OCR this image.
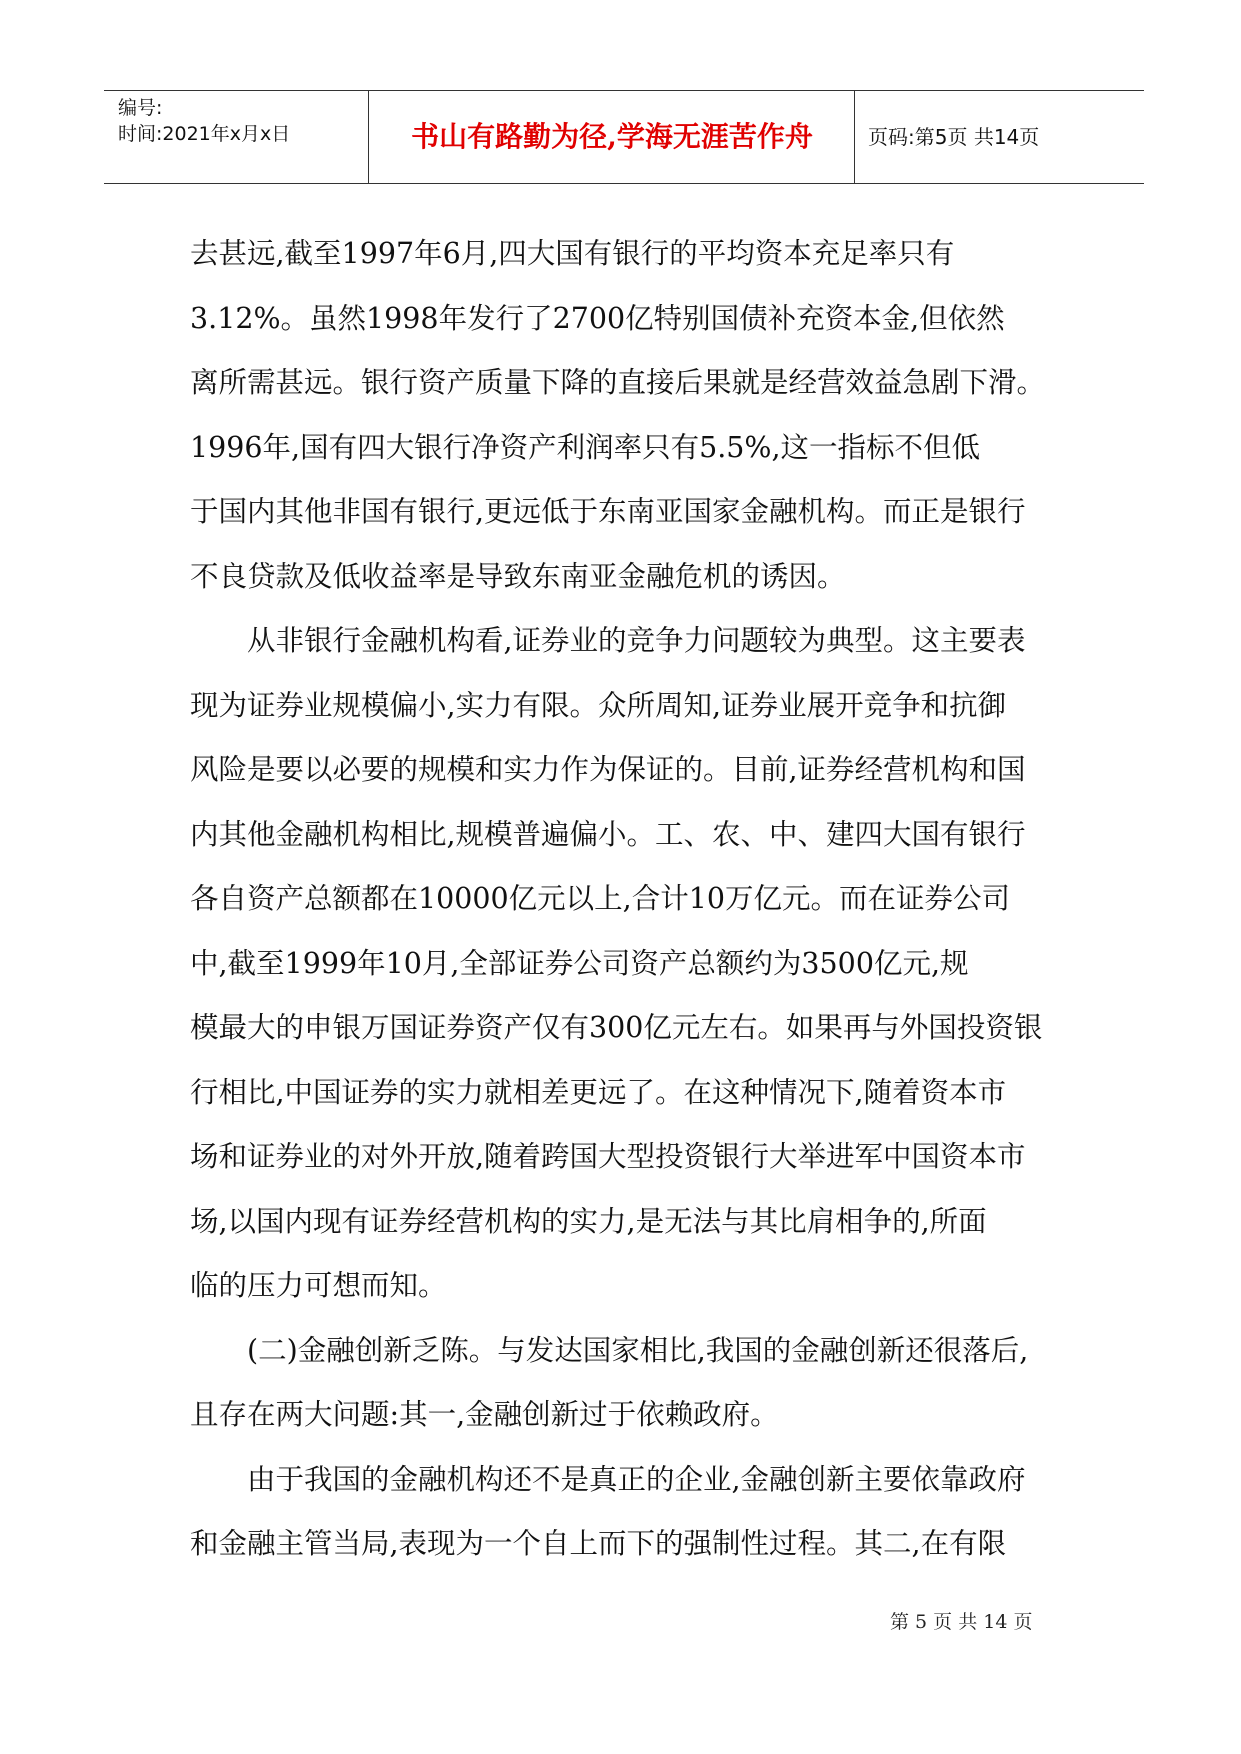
编号:
时间:2021年x月x日	书山有路勤为径,学海无涯苦作舟	页码:第5页 共14页

去甚远,截至1997年6月,四大国有银行的平均资本充足率只有
3.12%。虽然1998年发行了2700亿特别国债补充资本金,但依然
离所需甚远。银行资产质量下降的直接后果就是经营效益急剧下滑。
1996年,国有四大银行净资产利润率只有5.5%,这一指标不但低
于国内其他非国有银行,更远低于东南亚国家金融机构。而正是银行
不良贷款及低收益率是导致东南亚金融危机的诱因。

从非银行金融机构看,证券业的竞争力问题较为典型。这主要表
现为证券业规模偏小,实力有限。众所周知,证券业展开竞争和抗御
风险是要以必要的规模和实力作为保证的。目前,证券经营机构和国
内其他金融机构相比,规模普遍偏小。工、农、中、建四大国有银行
各自资产总额都在10000亿元以上,合计10万亿元。而在证券公司
中,截至1999年10月,全部证券公司资产总额约为3500亿元,规
模最大的申银万国证券资产仅有300亿元左右。如果再与外国投资银
行相比,中国证券的实力就相差更远了。在这种情况下,随着资本市
场和证券业的对外开放,随着跨国大型投资银行大举进军中国资本市
场,以国内现有证券经营机构的实力,是无法与其比肩相争的,所面
临的压力可想而知。

(二)金融创新乏陈。与发达国家相比,我国的金融创新还很落后,
且存在两大问题:其一,金融创新过于依赖政府。

由于我国的金融机构还不是真正的企业,金融创新主要依靠政府
和金融主管当局,表现为一个自上而下的强制性过程。其二,在有限

第 5 页 共 14 页
